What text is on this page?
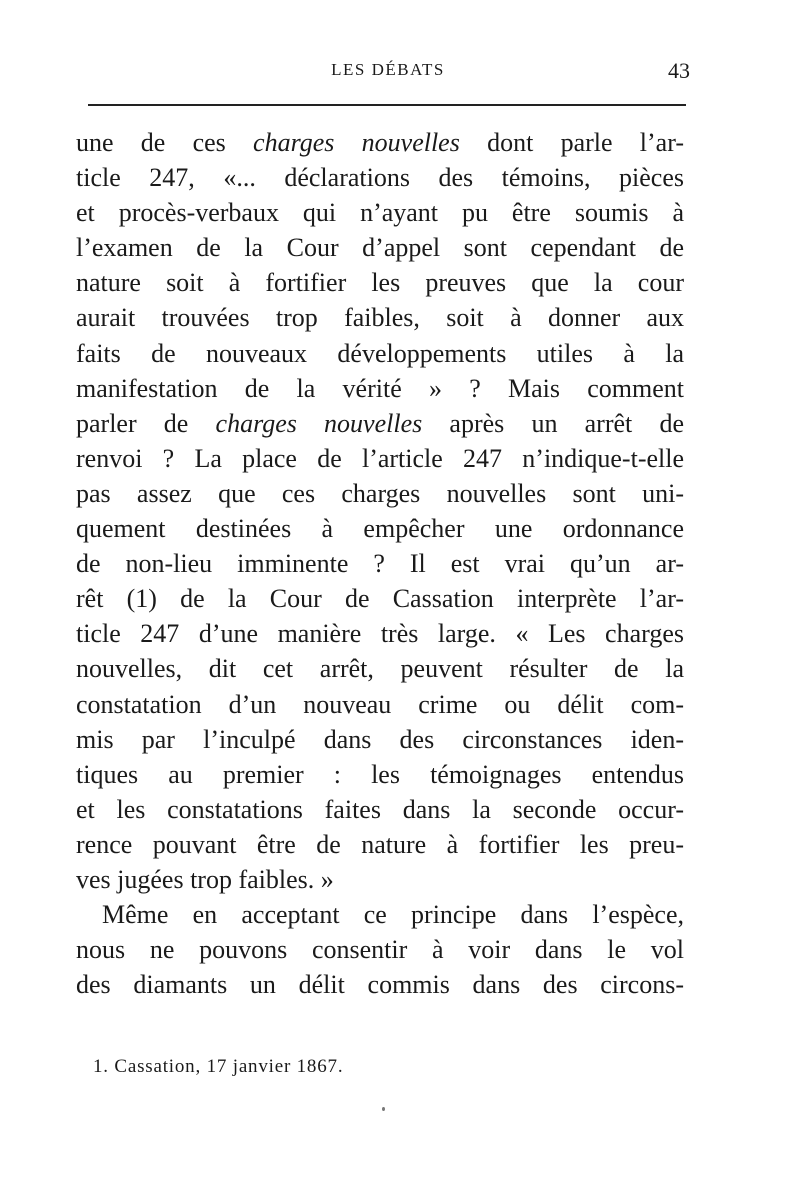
LES DÉBATS	43
une de ces charges nouvelles dont parle l’ar-
ticle 247, «... déclarations des témoins, pièces
et procès-verbaux qui n’ayant pu être soumis à
l’examen de la Cour d’appel sont cependant de
nature soit à fortifier les preuves que la cour
aurait trouvées trop faibles, soit à donner aux
faits de nouveaux développements utiles à la
manifestation de la vérité » ? Mais comment
parler de charges nouvelles après un arrêt de
renvoi ? La place de l’article 247 n’indique-t-elle
pas assez que ces charges nouvelles sont uni-
quement destinées à empêcher une ordonnance
de non-lieu imminente ? Il est vrai qu’un ar-
rêt (1) de la Cour de Cassation interprète l’ar-
ticle 247 d’une manière très large. « Les charges
nouvelles, dit cet arrêt, peuvent résulter de la
constatation d’un nouveau crime ou délit com-
mis par l’inculpé dans des circonstances iden-
tiques au premier : les témoignages entendus
et les constatations faites dans la seconde occur-
rence pouvant être de nature à fortifier les preu-
ves jugées trop faibles. »
Même en acceptant ce principe dans l’espèce,
nous ne pouvons consentir à voir dans le vol
des diamants un délit commis dans des circons-
1. Cassation, 17 janvier 1867.
